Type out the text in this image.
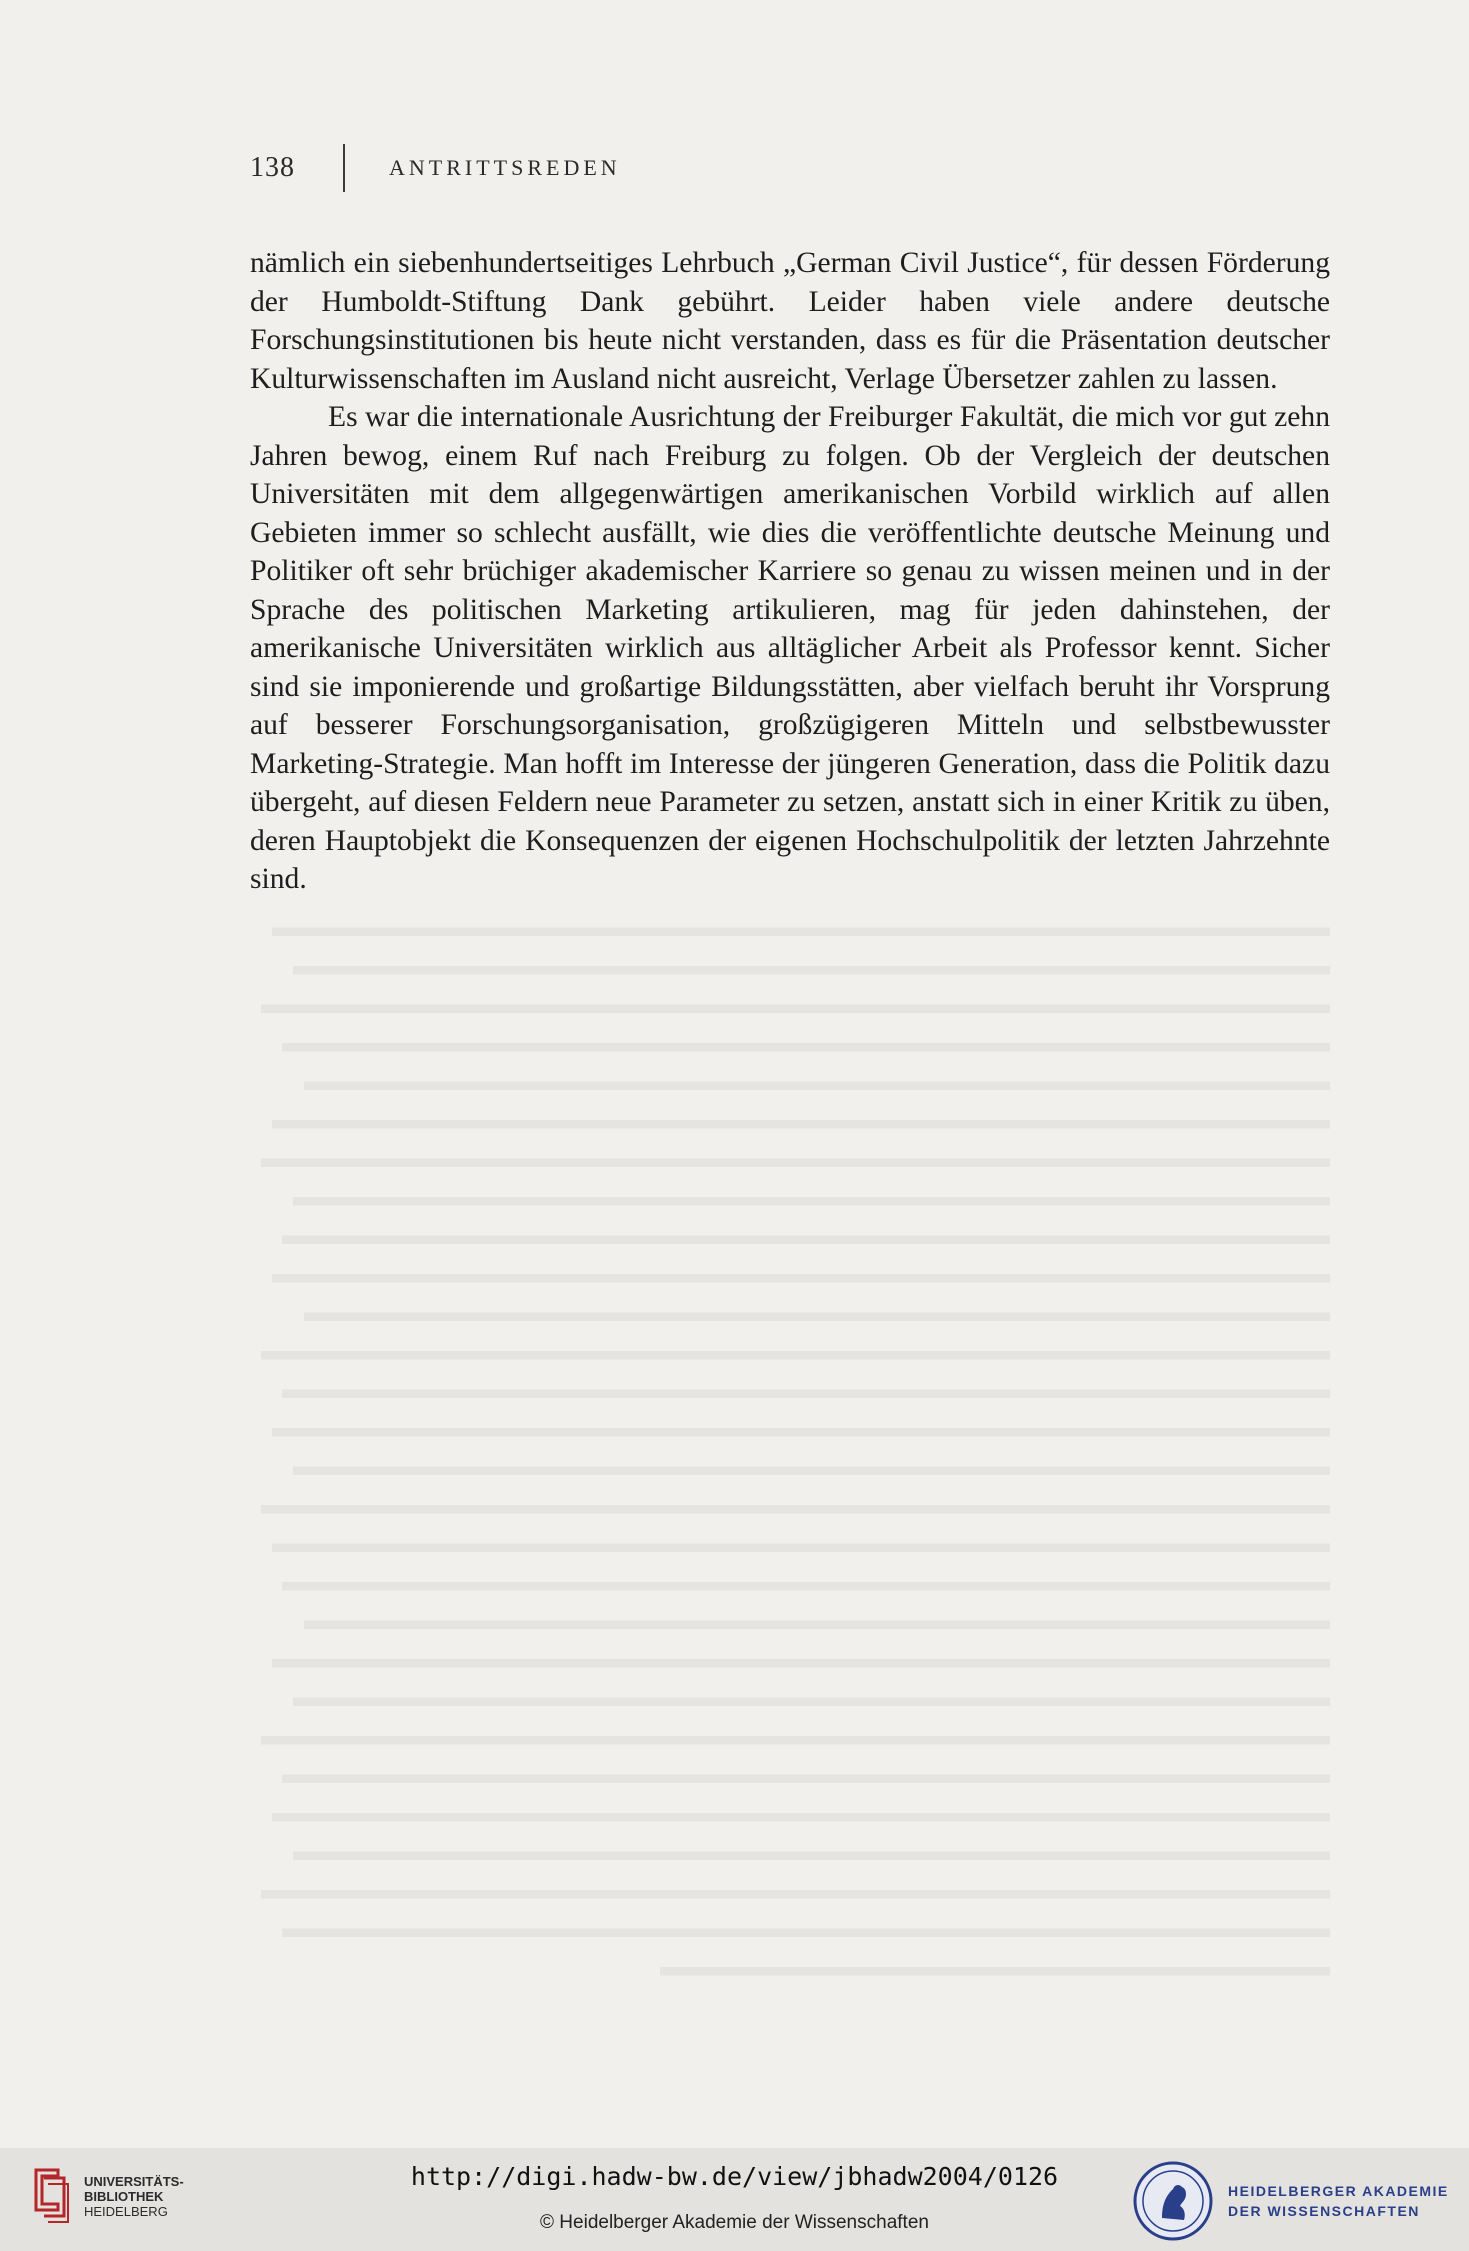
138	ANTRITTSREDEN

nämlich ein siebenhundertseitiges Lehrbuch „German Civil Justice“, für dessen Förderung der Humboldt-Stiftung Dank gebührt. Leider haben viele andere deutsche Forschungsinstitutionen bis heute nicht verstanden, dass es für die Präsentation deutscher Kulturwissenschaften im Ausland nicht ausreicht, Verlage Übersetzer zahlen zu lassen.

Es war die internationale Ausrichtung der Freiburger Fakultät, die mich vor gut zehn Jahren bewog, einem Ruf nach Freiburg zu folgen. Ob der Vergleich der deutschen Universitäten mit dem allgegenwärtigen amerikanischen Vorbild wirklich auf allen Gebieten immer so schlecht ausfällt, wie dies die veröffentlichte deutsche Meinung und Politiker oft sehr brüchiger akademischer Karriere so genau zu wissen meinen und in der Sprache des politischen Marketing artikulieren, mag für jeden dahinstehen, der amerikanische Universitäten wirklich aus alltäglicher Arbeit als Professor kennt. Sicher sind sie imponierende und großartige Bildungsstätten, aber vielfach beruht ihr Vorsprung auf besserer Forschungsorganisation, großzügigeren Mitteln und selbstbewusster Marketing-Strategie. Man hofft im Interesse der jüngeren Generation, dass die Politik dazu übergeht, auf diesen Feldern neue Parameter zu setzen, anstatt sich in einer Kritik zu üben, deren Hauptobjekt die Konsequenzen der eigenen Hochschulpolitik der letzten Jahrzehnte sind.

UNIVERSITÄTS-
BIBLIOTHEK
HEIDELBERG
http://digi.hadw-bw.de/view/jbhadw2004/0126
© Heidelberger Akademie der Wissenschaften
HEIDELBERGER AKADEMIE
DER WISSENSCHAFTEN
